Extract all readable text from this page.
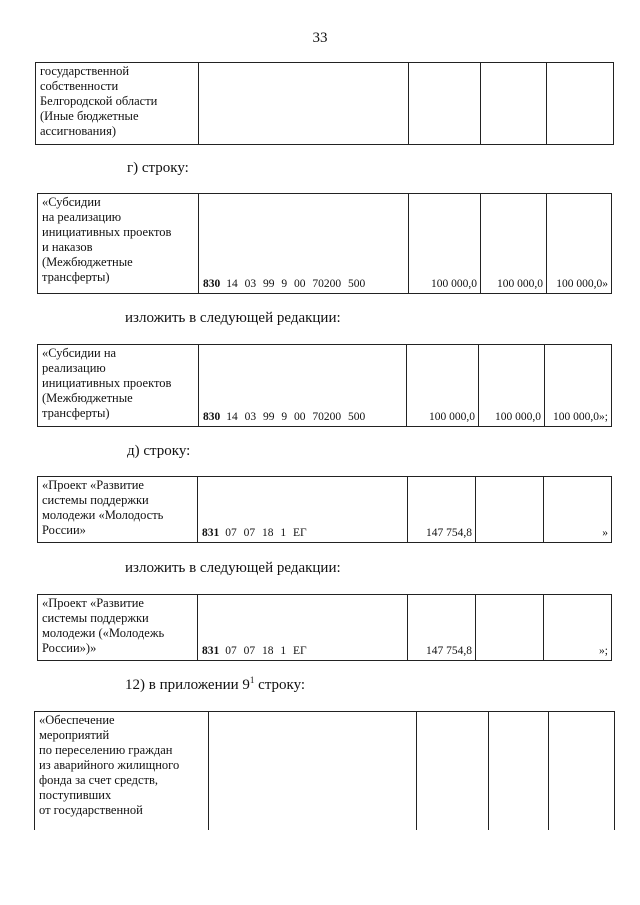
33
государственной
собственности
Белгородской области
(Иные бюджетные
ассигнования)

г) строку:
«Субсидии
на реализацию
инициативных проектов
и наказов
(Межбюджетные
трансферты)	830 14 03 99 9 00 70200 500	100 000,0	100 000,0	100 000,0»
изложить в следующей редакции:
«Субсидии на
реализацию
инициативных проектов
(Межбюджетные
трансферты)	830 14 03 99 9 00 70200 500	100 000,0	100 000,0	100 000,0»;
д) строку:
«Проект «Развитие
системы поддержки
молодежи «Молодость
России»	831 07 07 18 1 ЕГ	147 754,8		»
изложить в следующей редакции:
«Проект «Развитие
системы поддержки
молодежи («Молодежь
России»)»	831 07 07 18 1 ЕГ	147 754,8		»;
12) в приложении $9^1$ строку:
«Обеспечение
мероприятий
по переселению граждан
из аварийного жилищного
фонда за счет средств,
поступивших
от государственной
